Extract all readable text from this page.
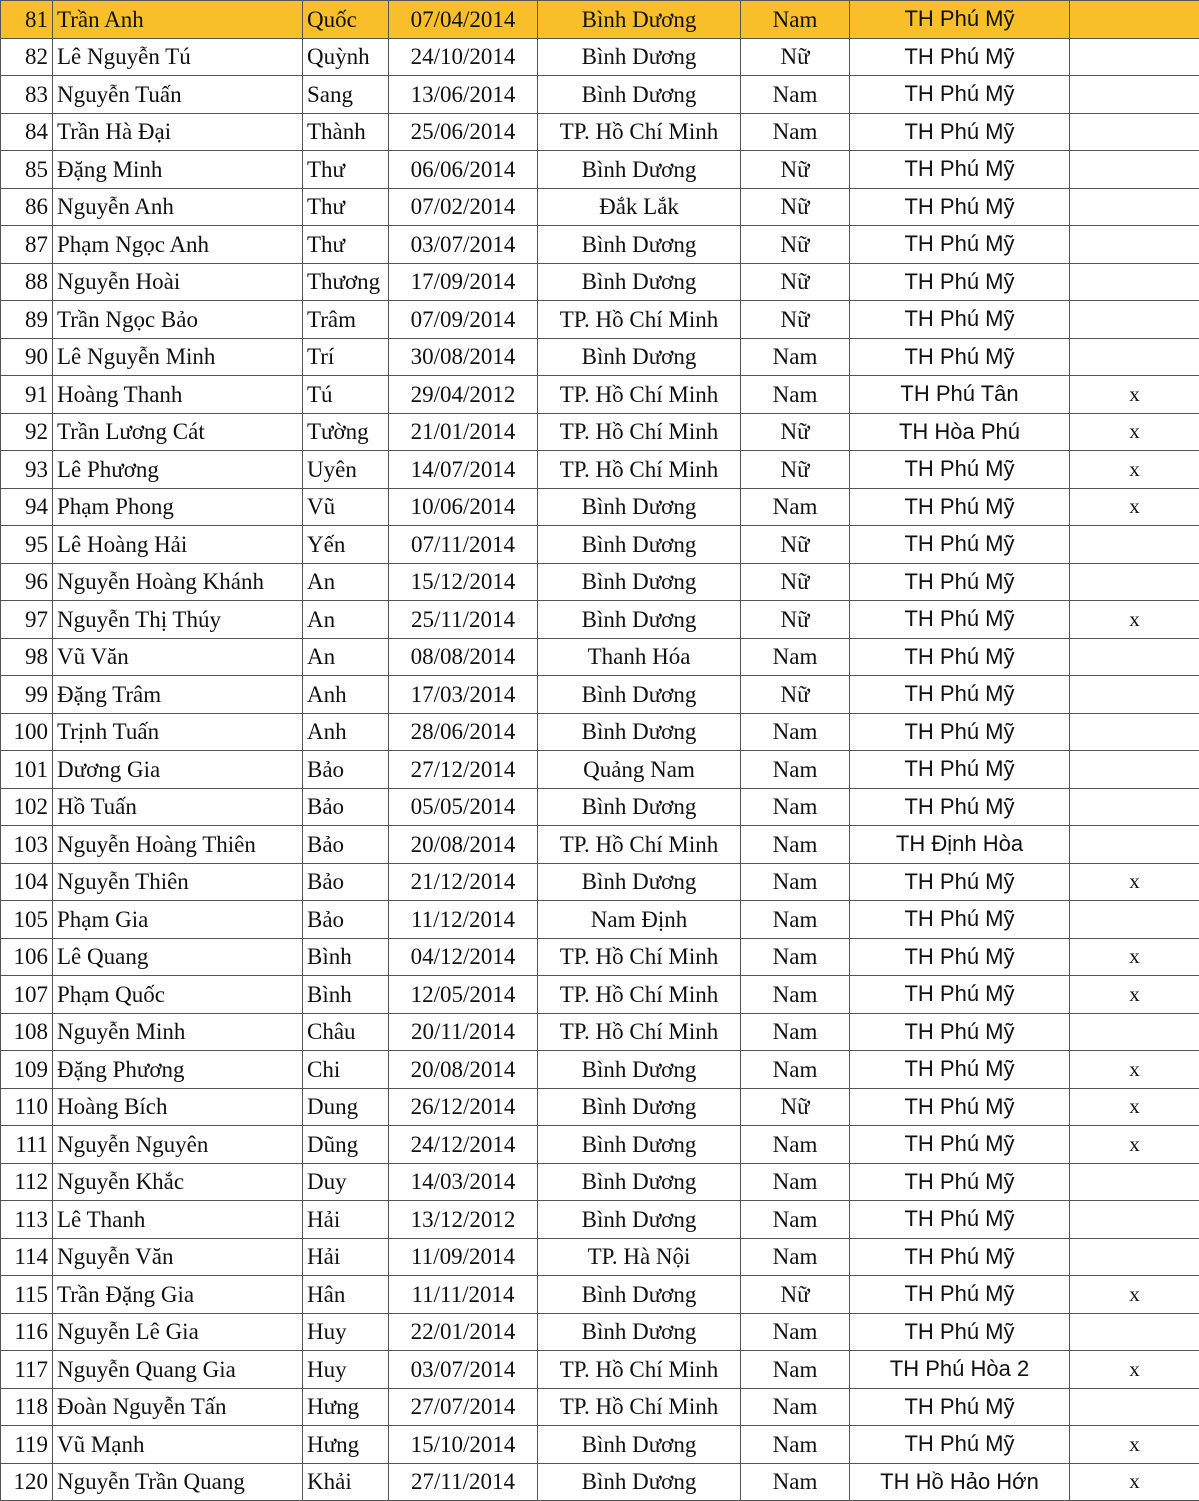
81	Trần Anh	Quốc	07/04/2014	Bình Dương	Nam	TH Phú Mỹ	
82	Lê Nguyễn Tú	Quỳnh	24/10/2014	Bình Dương	Nữ	TH Phú Mỹ	
83	Nguyễn Tuấn	Sang	13/06/2014	Bình Dương	Nam	TH Phú Mỹ	
84	Trần Hà Đại	Thành	25/06/2014	TP. Hồ Chí Minh	Nam	TH Phú Mỹ	
85	Đặng Minh	Thư	06/06/2014	Bình Dương	Nữ	TH Phú Mỹ	
86	Nguyễn Anh	Thư	07/02/2014	Đắk Lắk	Nữ	TH Phú Mỹ	
87	Phạm Ngọc Anh	Thư	03/07/2014	Bình Dương	Nữ	TH Phú Mỹ	
88	Nguyễn Hoài	Thương	17/09/2014	Bình Dương	Nữ	TH Phú Mỹ	
89	Trần Ngọc Bảo	Trâm	07/09/2014	TP. Hồ Chí Minh	Nữ	TH Phú Mỹ	
90	Lê Nguyễn Minh	Trí	30/08/2014	Bình Dương	Nam	TH Phú Mỹ	
91	Hoàng Thanh	Tú	29/04/2012	TP. Hồ Chí Minh	Nam	TH Phú Tân	x
92	Trần Lương Cát	Tường	21/01/2014	TP. Hồ Chí Minh	Nữ	TH Hòa Phú	x
93	Lê Phương	Uyên	14/07/2014	TP. Hồ Chí Minh	Nữ	TH Phú Mỹ	x
94	Phạm Phong	Vũ	10/06/2014	Bình Dương	Nam	TH Phú Mỹ	x
95	Lê Hoàng Hải	Yến	07/11/2014	Bình Dương	Nữ	TH Phú Mỹ	
96	Nguyễn Hoàng Khánh	An	15/12/2014	Bình Dương	Nữ	TH Phú Mỹ	
97	Nguyễn Thị Thúy	An	25/11/2014	Bình Dương	Nữ	TH Phú Mỹ	x
98	Vũ Văn	An	08/08/2014	Thanh Hóa	Nam	TH Phú Mỹ	
99	Đặng Trâm	Anh	17/03/2014	Bình Dương	Nữ	TH Phú Mỹ	
100	Trịnh Tuấn	Anh	28/06/2014	Bình Dương	Nam	TH Phú Mỹ	
101	Dương Gia	Bảo	27/12/2014	Quảng Nam	Nam	TH Phú Mỹ	
102	Hồ Tuấn	Bảo	05/05/2014	Bình Dương	Nam	TH Phú Mỹ	
103	Nguyễn Hoàng Thiên	Bảo	20/08/2014	TP. Hồ Chí Minh	Nam	TH Định Hòa	
104	Nguyễn Thiên	Bảo	21/12/2014	Bình Dương	Nam	TH Phú Mỹ	x
105	Phạm Gia	Bảo	11/12/2014	Nam Định	Nam	TH Phú Mỹ	
106	Lê Quang	Bình	04/12/2014	TP. Hồ Chí Minh	Nam	TH Phú Mỹ	x
107	Phạm Quốc	Bình	12/05/2014	TP. Hồ Chí Minh	Nam	TH Phú Mỹ	x
108	Nguyễn Minh	Châu	20/11/2014	TP. Hồ Chí Minh	Nam	TH Phú Mỹ	
109	Đặng Phương	Chi	20/08/2014	Bình Dương	Nam	TH Phú Mỹ	x
110	Hoàng Bích	Dung	26/12/2014	Bình Dương	Nữ	TH Phú Mỹ	x
111	Nguyễn Nguyên	Dũng	24/12/2014	Bình Dương	Nam	TH Phú Mỹ	x
112	Nguyễn Khắc	Duy	14/03/2014	Bình Dương	Nam	TH Phú Mỹ	
113	Lê Thanh	Hải	13/12/2012	Bình Dương	Nam	TH Phú Mỹ	
114	Nguyễn Văn	Hải	11/09/2014	TP. Hà Nội	Nam	TH Phú Mỹ	
115	Trần Đặng Gia	Hân	11/11/2014	Bình Dương	Nữ	TH Phú Mỹ	x
116	Nguyễn Lê Gia	Huy	22/01/2014	Bình Dương	Nam	TH Phú Mỹ	
117	Nguyễn Quang Gia	Huy	03/07/2014	TP. Hồ Chí Minh	Nam	TH Phú Hòa 2	x
118	Đoàn Nguyễn Tấn	Hưng	27/07/2014	TP. Hồ Chí Minh	Nam	TH Phú Mỹ	
119	Vũ Mạnh	Hưng	15/10/2014	Bình Dương	Nam	TH Phú Mỹ	x
120	Nguyễn Trần Quang	Khải	27/11/2014	Bình Dương	Nam	TH Hồ Hảo Hớn	x
